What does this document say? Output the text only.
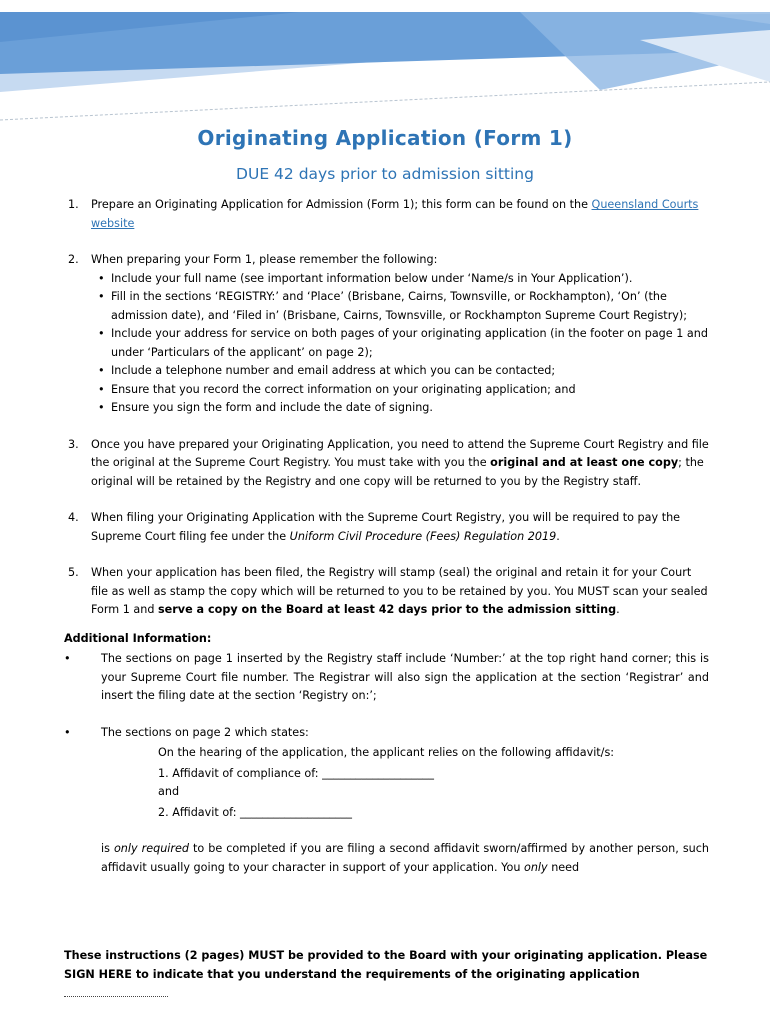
Originating Application (Form 1)
DUE 42 days prior to admission sitting
1. Prepare an Originating Application for Admission (Form 1); this form can be found on the Queensland Courts website
2. When preparing your Form 1, please remember the following:
• Include your full name (see important information below under ‘Name/s in Your Application’).
• Fill in the sections ‘REGISTRY:’ and ‘Place’ (Brisbane, Cairns, Townsville, or Rockhampton), ‘On’ (the admission date), and ‘Filed in’ (Brisbane, Cairns, Townsville, or Rockhampton Supreme Court Registry);
• Include your address for service on both pages of your originating application (in the footer on page 1 and under ‘Particulars of the applicant’ on page 2);
• Include a telephone number and email address at which you can be contacted;
• Ensure that you record the correct information on your originating application; and
• Ensure you sign the form and include the date of signing.
3. Once you have prepared your Originating Application, you need to attend the Supreme Court Registry and file the original at the Supreme Court Registry. You must take with you the original and at least one copy; the original will be retained by the Registry and one copy will be returned to you by the Registry staff.
4. When filing your Originating Application with the Supreme Court Registry, you will be required to pay the Supreme Court filing fee under the Uniform Civil Procedure (Fees) Regulation 2019.
5. When your application has been filed, the Registry will stamp (seal) the original and retain it for your Court file as well as stamp the copy which will be returned to you to be retained by you. You MUST scan your sealed Form 1 and serve a copy on the Board at least 42 days prior to the admission sitting.
Additional Information:
•	The sections on page 1 inserted by the Registry staff include ‘Number:’ at the top right hand corner; this is your Supreme Court file number. The Registrar will also sign the application at the section ‘Registrar’ and insert the filing date at the section ‘Registry on:’;
•	The sections on page 2 which states:
On the hearing of the application, the applicant relies on the following affidavit/s:
1. Affidavit of compliance of: ____________________
and
2. Affidavit of: ____________________
is only required to be completed if you are filing a second affidavit sworn/affirmed by another person, such affidavit usually going to your character in support of your application. You only need
These instructions (2 pages) MUST be provided to the Board with your originating application. Please SIGN HERE to indicate that you understand the requirements of the originating application
